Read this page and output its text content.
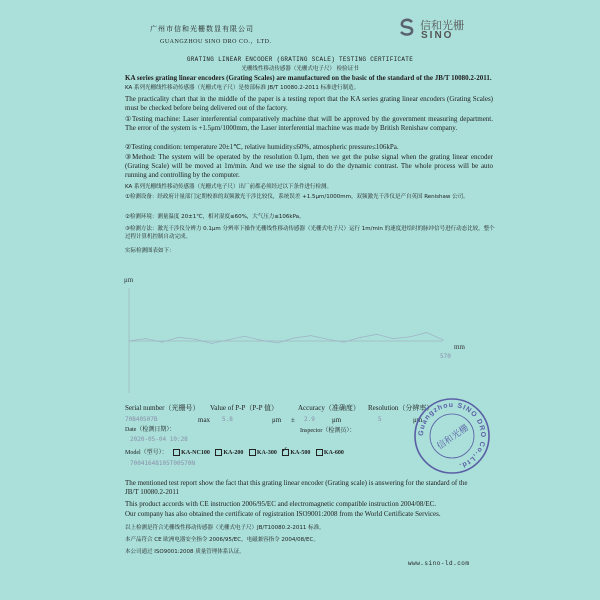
广州市信和光栅数显有限公司
GUANGZHOU SINO DRO CO.，LTD.
信和光栅
SINO
GRATING LINEAR ENCODER (GRATING SCALE) TESTING CERTIFICATE
光栅线性移动传感器（光栅式电子尺） 检验证书
KA series grating linear encoders (Grating Scales) are manufactured on the basic of the standard of the JB/T 10080.2-2011.
KA 系列光栅线性移动传感器（光栅式电子尺）是按部标准 JB/T 10080.2-2011 标准进行制造。
The practicality chart that in the middle of the paper is a testing report that the KA series grating linear encoders (Grating Scales) must be checked before being delivered out of the factory.
①Testing machine: Laser interferential comparatively machine that will be approved by the government measuring department. The error of the system is +1.5μm/1000mm, the Laser interferential machine was made by British Renishaw company.
②Testing condition: temperature 20±1℃, relative humidity≤60%, atmospheric pressure≤106kPa.
③Method: The system will be operated by the resolution 0.1μm, then we get the pulse signal when the grating linear encoder (Grating Scale) will be moved at 1m/min. And we use the signal to do the dynamic contrast. The whole process will be auto running and controlling by the computer.
KA 系列光栅线性移动传感器（光栅式电子尺）出厂前都必须经过以下条件进行检测。
①检测设备：经政府计量部门定期校准的双频激光干涉比较仪，系统误差 +1.5μm/1000mm。双频激光干涉仪是产自英国 Renishaw 公司。
②检测环境：测量温度 20±1℃，相对湿度≤60%，大气压力≤106kPa。
③检测方法：激光干涉仪分辨力 0.1μm 分辨率下操作光栅线性移动传感器（光栅式电子尺）运行 1m/min 的速度进给时的脉冲信号进行动态比较，整个过程计算机控制自动完成。
实际检测图表如下：
μm
mm
570
Serial number（光栅号） Value of P-P（P-P 值）	Accuracy（准确度） Resolution（分辨率）
70B40507B	max 5.8	μm ± 2.9 μm	5	μm
Date（检测日期）：	Inspector（检测员）：
2020-05-04 10:28
Model（型号）： KA-NC100 KA-200 KA-300 ✓ KA-500 KA-600
70041648105T00570N
Guangzhou SINO DRO Co.,Ltd.
信和光栅
The mentioned test report show the fact that this grating linear encoder (Grating scale) is answering for the standard of the JB/T 10080.2-2011
This product accords with CE instruction 2006/95/EC and electromagnetic compatible instruction 2004/08/EC.
Our company has also obtained the certificate of registration ISO9001:2008 from the World Certificate Services.
以上检测是符合光栅线性移动传感器（光栅式电子尺）JB/T10080.2-2011 标准。
本产品符合 CE 欧洲电器安全指令 2006/95/EC，电磁兼容指令 2004/08/EC。
本公司通过 ISO9001:2008 质量管理体系认证。
www.sino-ld.com
